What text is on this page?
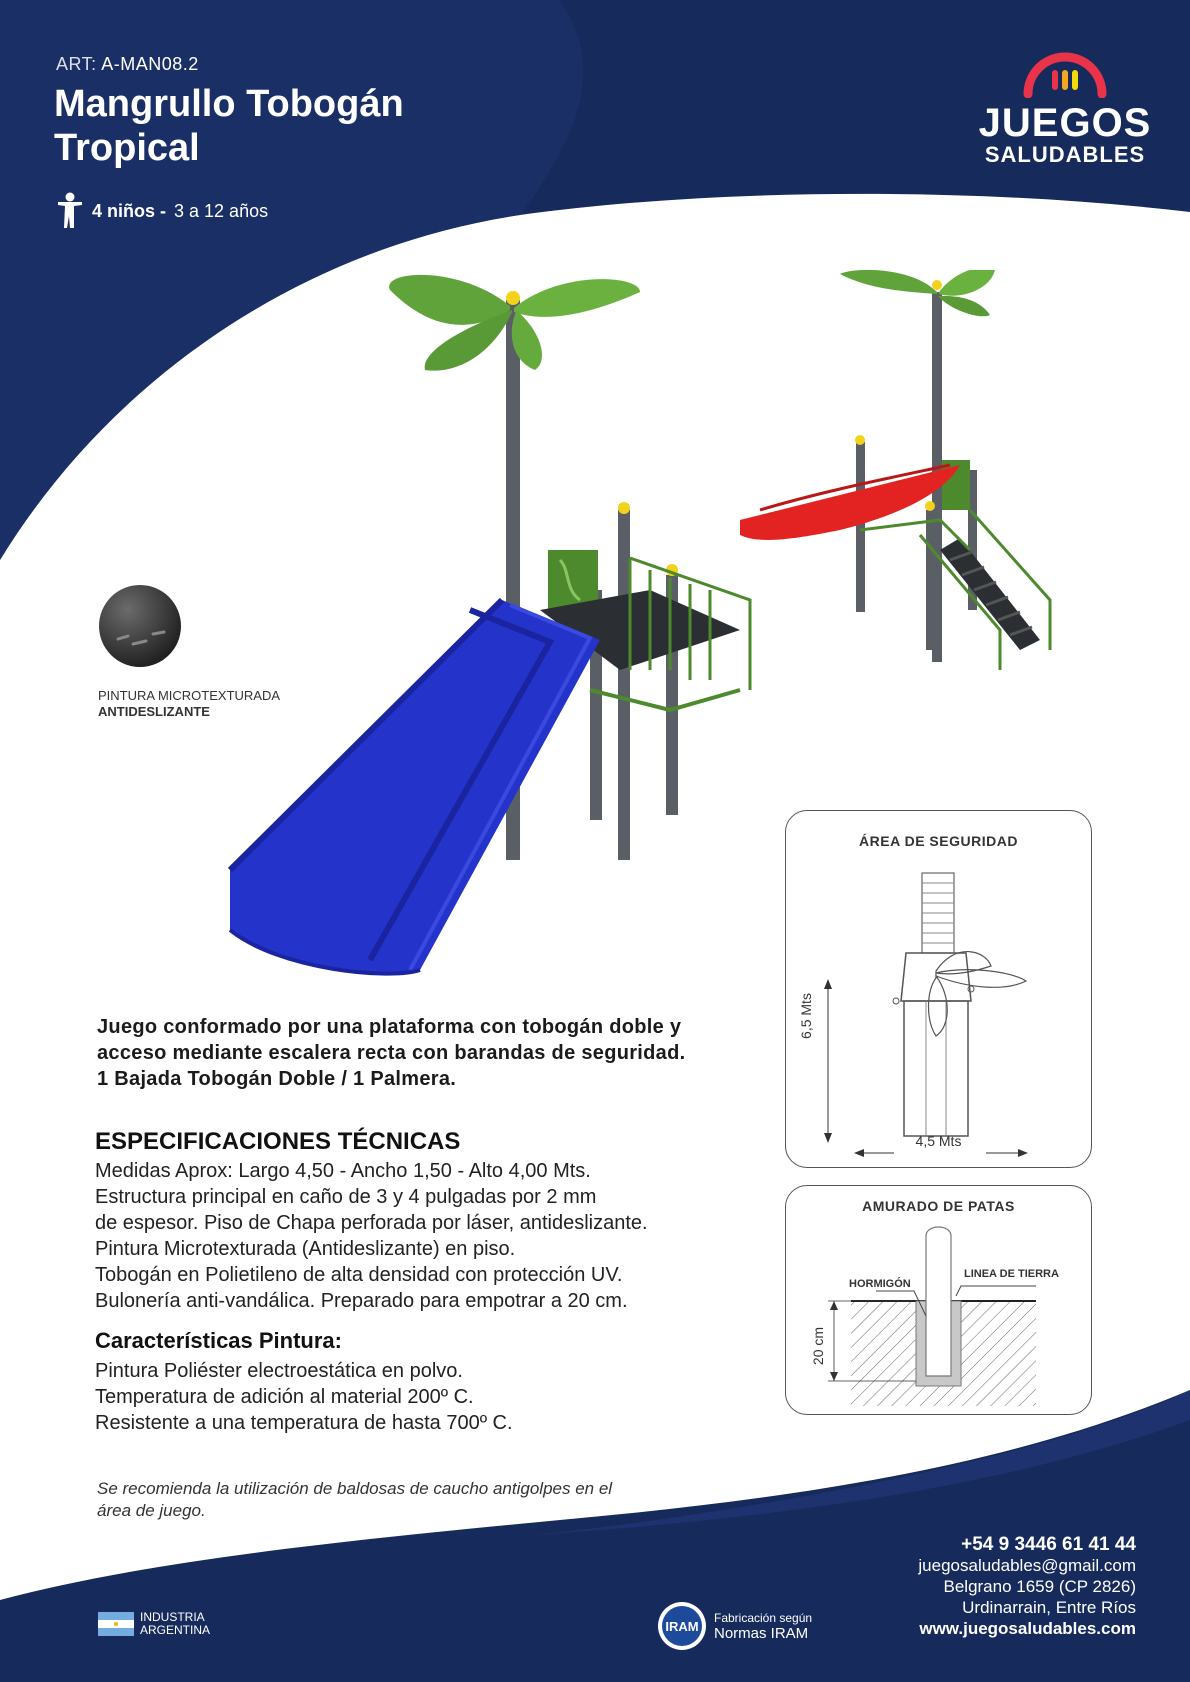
ART: A-MAN08.2
Mangrullo Tobogán Tropical
4 niños - 3 a 12 años
JUEGOS
SALUDABLES
PINTURA MICROTEXTURADA
ANTIDESLIZANTE

Juego conformado por una plataforma con tobogán doble y acceso mediante escalera recta con barandas de seguridad. 1 Bajada Tobogán Doble / 1 Palmera.

ESPECIFICACIONES TÉCNICAS
Medidas Aprox: Largo 4,50 - Ancho 1,50 - Alto 4,00 Mts.
Estructura principal en caño de 3 y 4 pulgadas por 2 mm
de espesor. Piso de Chapa perforada por láser, antideslizante.
Pintura Microtexturada (Antideslizante) en piso.
Tobogán en Polietileno de alta densidad con protección UV.
Bulonería anti-vandálica. Preparado para empotrar a 20 cm.
Características Pintura:
Pintura Poliéster electroestática en polvo.
Temperatura de adición al material 200º C.
Resistente a una temperatura de hasta 700º C.
Se recomienda la utilización de baldosas de caucho antigolpes en el área de juego.
ÁREA DE SEGURIDAD
6,5 Mts
4,5 Mts
AMURADO DE PATAS
HORMIGÓN
LINEA DE TIERRA
20 cm
+54 9 3446 61 41 44
juegosaludables@gmail.com
Belgrano 1659 (CP 2826)
Urdinarrain, Entre Ríos
www.juegosaludables.com
INDUSTRIA
ARGENTINA	IRAM
Fabricación según
Normas IRAM
